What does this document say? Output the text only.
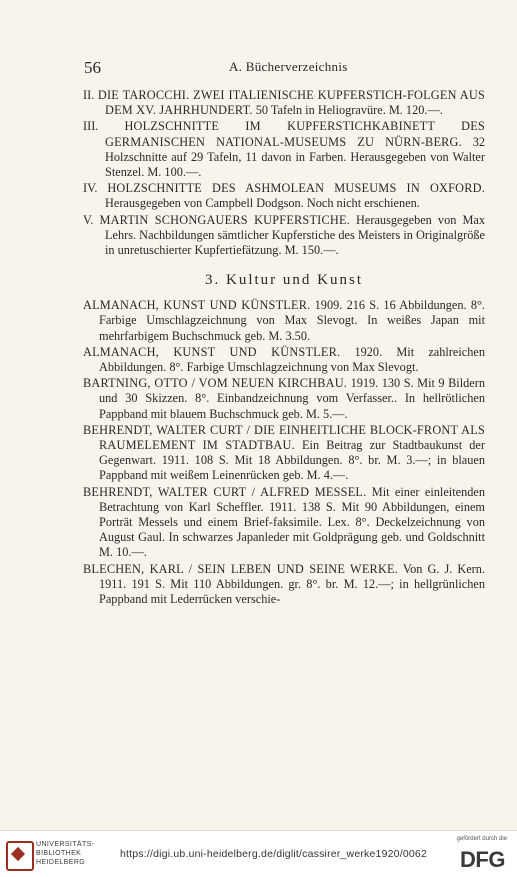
56	A. Bücherverzeichnis
II. DIE TAROCCHI. ZWEI ITALIENISCHE KUPFERSTICH-FOLGEN AUS DEM XV. JAHRHUNDERT. 50 Tafeln in Heliogravüre. M. 120.—.
III. HOLZSCHNITTE IM KUPFERSTICHKABINETT DES GERMANISCHEN NATIONAL-MUSEUMS ZU NÜRN-BERG. 32 Holzschnitte auf 29 Tafeln, 11 davon in Farben. Herausgegeben von Walter Stenzel. M. 100.—.
IV. HOLZSCHNITTE DES ASHMOLEAN MUSEUMS IN OXFORD. Herausgegeben von Campbell Dodgson. Noch nicht erschienen.
V. MARTIN SCHONGAUERS KUPFERSTICHE. Herausgegeben von Max Lehrs. Nachbildungen sämtlicher Kupferstiche des Meisters in Originalgröße in unretuschierter Kupfertiefätzung. M. 150.—.
3. Kultur und Kunst
ALMANACH, KUNST UND KÜNSTLER. 1909. 216 S. 16 Abbildungen. 8°. Farbige Umschlagzeichnung von Max Slevogt. In weißes Japan mit mehrfarbigem Buchschmuck geb. M. 3.50.
ALMANACH, KUNST UND KÜNSTLER. 1920. Mit zahlreichen Abbildungen. 8°. Farbige Umschlagzeichnung von Max Slevogt.
BARTNING, OTTO / VOM NEUEN KIRCHBAU. 1919. 130 S. Mit 9 Bildern und 30 Skizzen. 8°. Einbandzeichnung vom Verfasser.. In hellrötlichen Pappband mit blauem Buchschmuck geb. M. 5.—.
BEHRENDT, WALTER CURT / DIE EINHEITLICHE BLOCK-FRONT ALS RAUMELEMENT IM STADTBAU. Ein Beitrag zur Stadtbaukunst der Gegenwart. 1911. 108 S. Mit 18 Abbildungen. 8°. br. M. 3.—; in blauen Pappband mit weißem Leinenrücken geb. M. 4.—.
BEHRENDT, WALTER CURT / ALFRED MESSEL. Mit einer einleitenden Betrachtung von Karl Scheffler. 1911. 138 S. Mit 90 Abbildungen, einem Porträt Messels und einem Brief-faksimile. Lex. 8°. Deckelzeichnung von August Gaul. In schwarzes Japanleder mit Goldprägung geb. und Goldschnitt M. 10.—.
BLECHEN, KARL / SEIN LEBEN UND SEINE WERKE. Von G. J. Kern. 1911. 191 S. Mit 110 Abbildungen. gr. 8°. br. M. 12.—; in hellgrünlichen Pappband mit Lederrücken verschie-
UNIVERSITÄTS-
BIBLIOTHEK
HEIDELBERG
https://digi.ub.uni-heidelberg.de/diglit/cassirer_werke1920/0062
gefördert durch die
DFG
